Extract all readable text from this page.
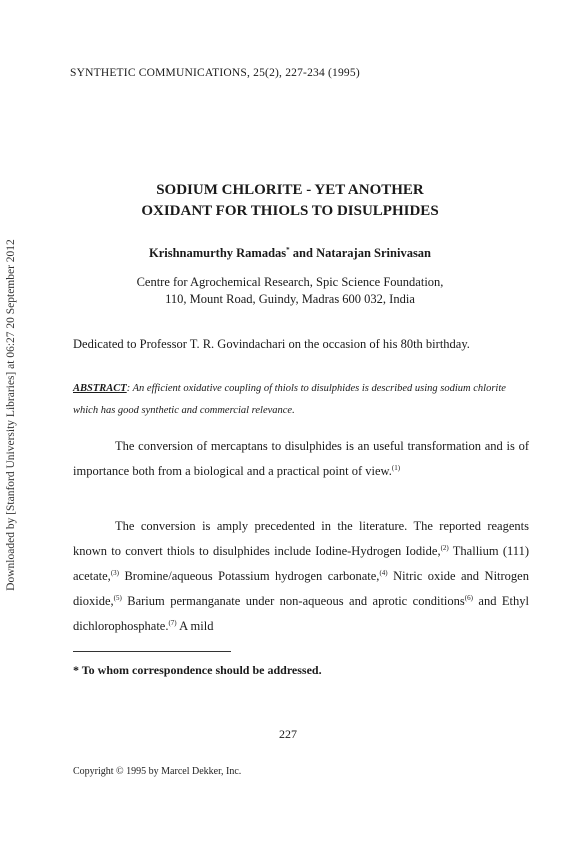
SYNTHETIC COMMUNICATIONS, 25(2), 227-234 (1995)
Downloaded by [Stanford University Libraries] at 06:27 20 September 2012
SODIUM CHLORITE - YET ANOTHER
OXIDANT FOR THIOLS TO DISULPHIDES
Krishnamurthy Ramadas* and Natarajan Srinivasan
Centre for Agrochemical Research, Spic Science Foundation,
110, Mount Road, Guindy, Madras 600 032, India
Dedicated to Professor T. R. Govindachari on the occasion of his 80th birthday.
ABSTRACT: An efficient oxidative coupling of thiols to disulphides is described using sodium chlorite which has good synthetic and commercial relevance.
The conversion of mercaptans to disulphides is an useful transformation and is of importance both from a biological and a practical point of view.$^{(1)}$
The conversion is amply precedented in the literature. The reported reagents known to convert thiols to disulphides include Iodine-Hydrogen Iodide,$^{(2)}$ Thallium (111) acetate,$^{(3)}$ Bromine/aqueous Potassium hydrogen carbonate,$^{(4)}$ Nitric oxide and Nitrogen dioxide,$^{(5)}$ Barium permanganate under non-aqueous and aprotic conditions$^{(6)}$ and Ethyl dichlorophosphate.$^{(7)}$ A mild
* To whom correspondence should be addressed.
227
Copyright © 1995 by Marcel Dekker, Inc.
